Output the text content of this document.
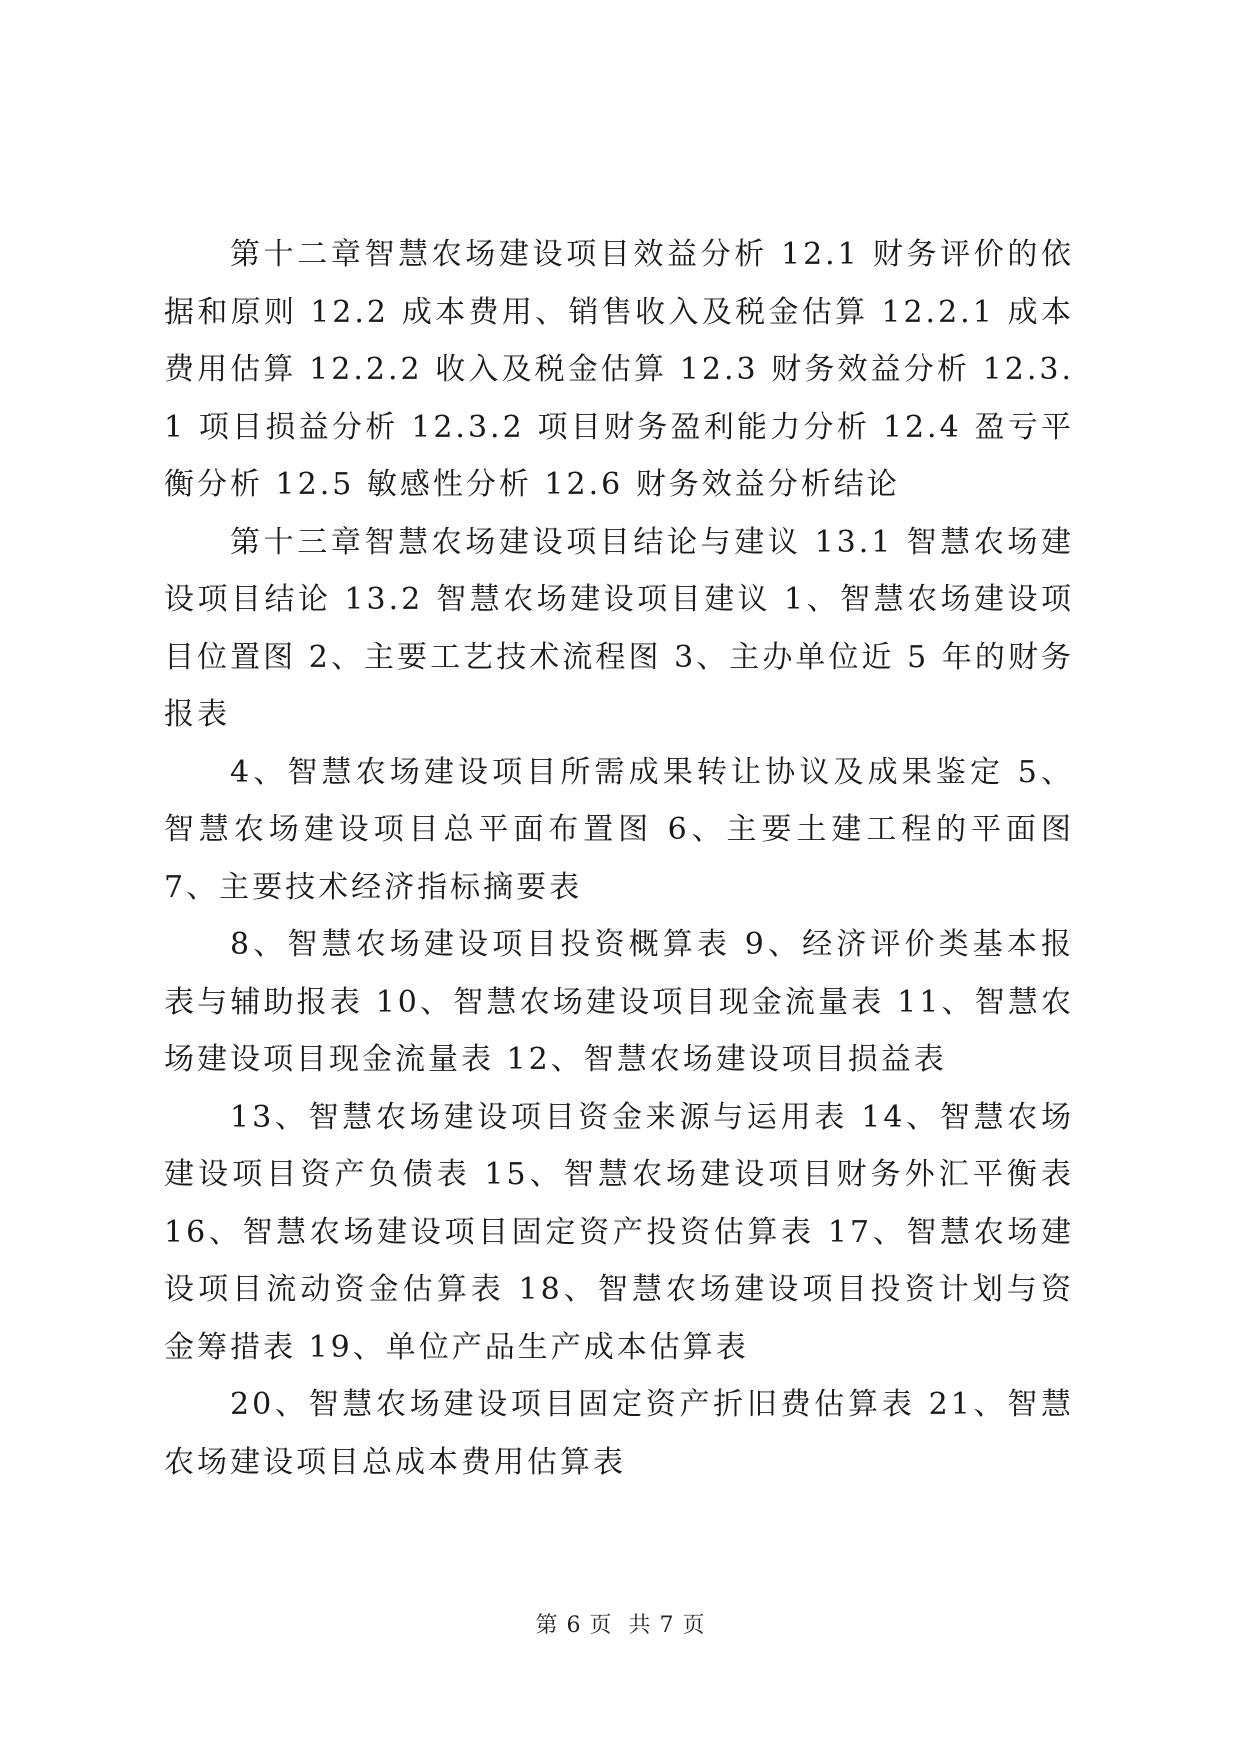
第十二章智慧农场建设项目效益分析 12.1 财务评价的依据和原则 12.2 成本费用、销售收入及税金估算 12.2.1 成本费用估算 12.2.2 收入及税金估算 12.3 财务效益分析 12.3.1 项目损益分析 12.3.2 项目财务盈利能力分析 12.4 盈亏平衡分析 12.5 敏感性分析 12.6 财务效益分析结论

第十三章智慧农场建设项目结论与建议 13.1 智慧农场建设项目结论 13.2 智慧农场建设项目建议 1、智慧农场建设项目位置图 2、主要工艺技术流程图 3、主办单位近 5 年的财务报表

4、智慧农场建设项目所需成果转让协议及成果鉴定 5、智慧农场建设项目总平面布置图 6、主要土建工程的平面图 7、主要技术经济指标摘要表

8、智慧农场建设项目投资概算表 9、经济评价类基本报表与辅助报表 10、智慧农场建设项目现金流量表 11、智慧农场建设项目现金流量表 12、智慧农场建设项目损益表

13、智慧农场建设项目资金来源与运用表 14、智慧农场建设项目资产负债表 15、智慧农场建设项目财务外汇平衡表 16、智慧农场建设项目固定资产投资估算表 17、智慧农场建设项目流动资金估算表 18、智慧农场建设项目投资计划与资金筹措表 19、单位产品生产成本估算表

20、智慧农场建设项目固定资产折旧费估算表 21、智慧农场建设项目总成本费用估算表

第 6 页  共 7 页
